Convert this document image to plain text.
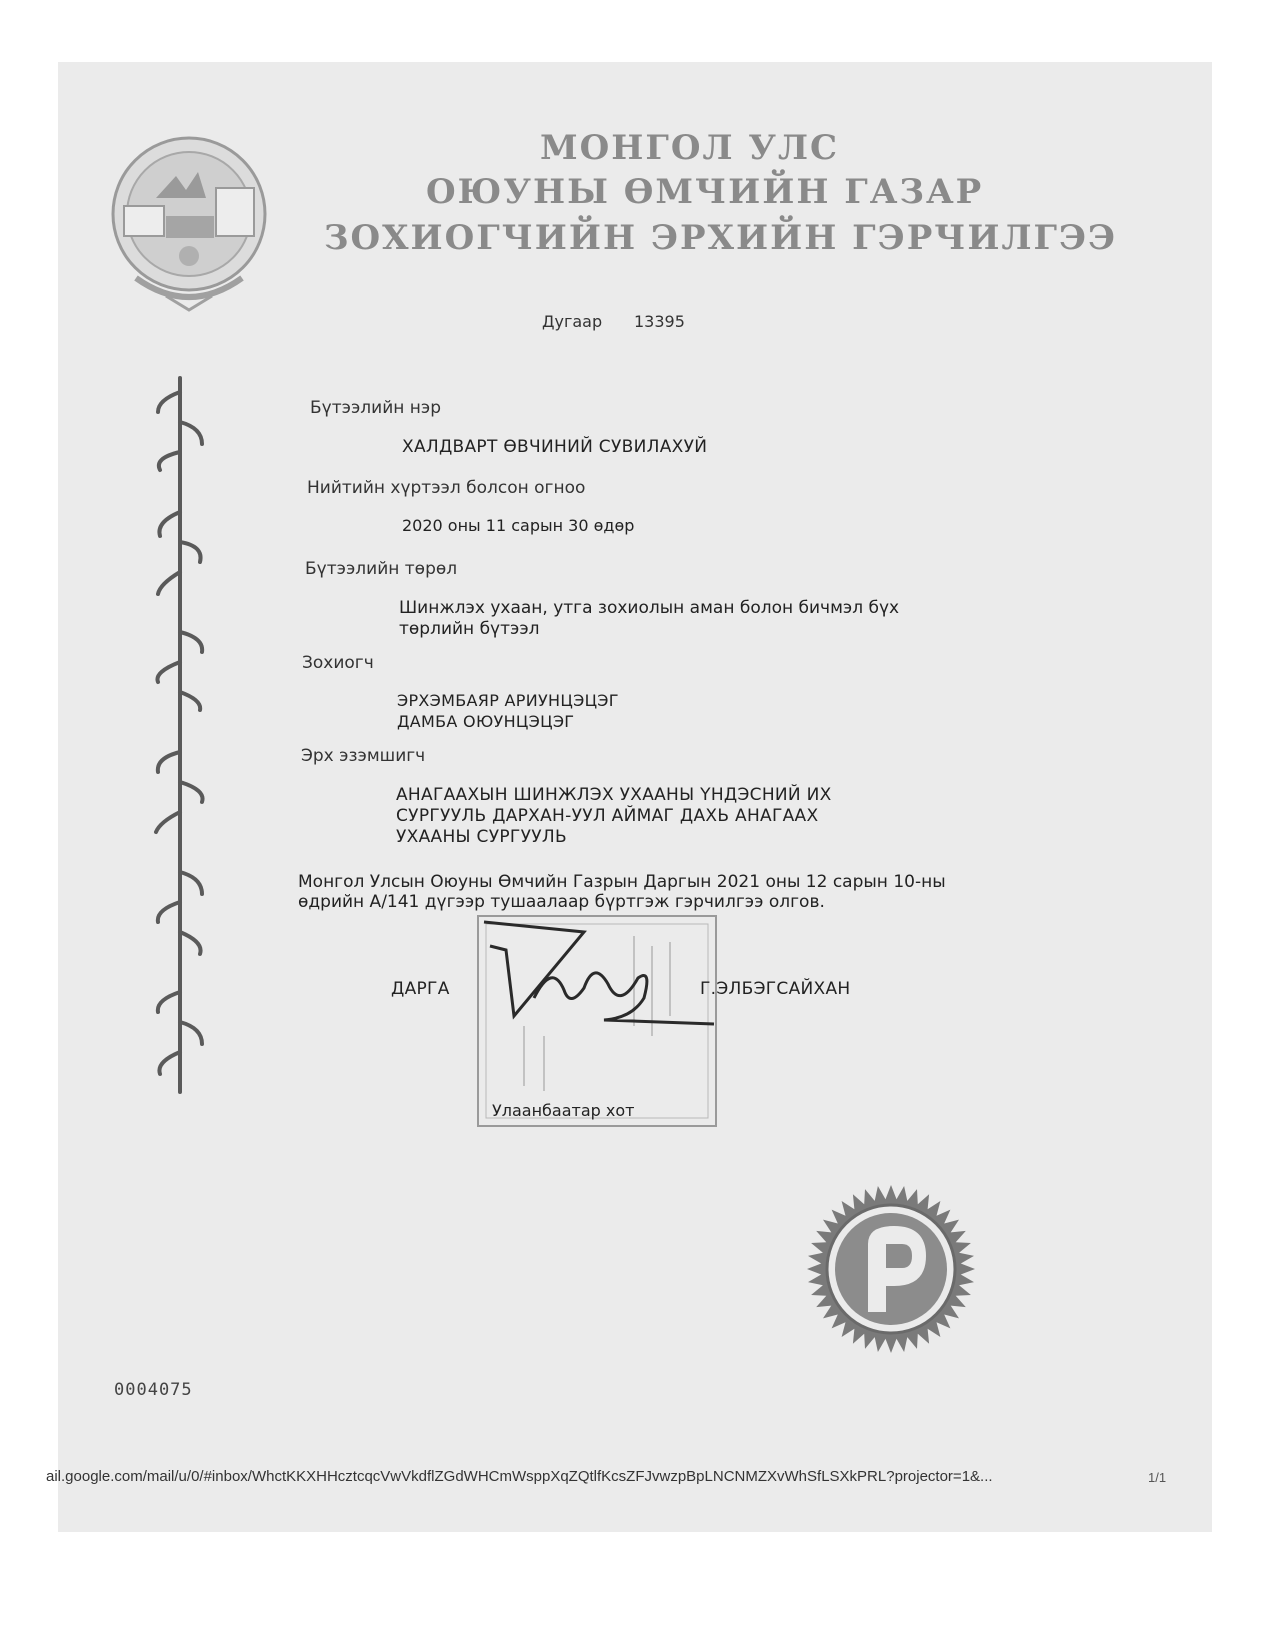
МОНГОЛ УЛС
ОЮУНЫ ӨМЧИЙН ГАЗАР
ЗОХИОГЧИЙН ЭРХИЙН ГЭРЧИЛГЭЭ
Дугаар 13395
Бүтээлийн нэр
ХАЛДВАРТ ӨВЧИНИЙ СУВИЛАХУЙ
Нийтийн хүртээл болсон огноо
2020 оны 11 сарын 30 өдөр
Бүтээлийн төрөл
Шинжлэх ухаан, утга зохиолын аман болон бичмэл бүх
төрлийн бүтээл
Зохиогч
ЭРХЭМБАЯР АРИУНЦЭЦЭГ
ДАМБА ОЮУНЦЭЦЭГ
Эрх эзэмшигч
АНАГААХЫН ШИНЖЛЭХ УХААНЫ ҮНДЭСНИЙ ИХ
СУРГУУЛЬ ДАРХАН-УУЛ АЙМАГ ДАХЬ АНАГААХ
УХААНЫ СУРГУУЛЬ
Монгол Улсын Оюуны Өмчийн Газрын Даргын 2021 оны 12 сарын 10-ны
өдрийн А/141 дүгээр тушаалаар бүртгэж гэрчилгээ олгов.
ДАРГА	Г.ЭЛБЭГСАЙХАН
Улаанбаатар хот
0004075
ail.google.com/mail/u/0/#inbox/WhctKKXHHcztcqcVwVkdflZGdWHCmWsppXqZQtlfKcsZFJvwzpBpLNCNMZXvWhSfLSXkPRL?projector=1&...	1/1
